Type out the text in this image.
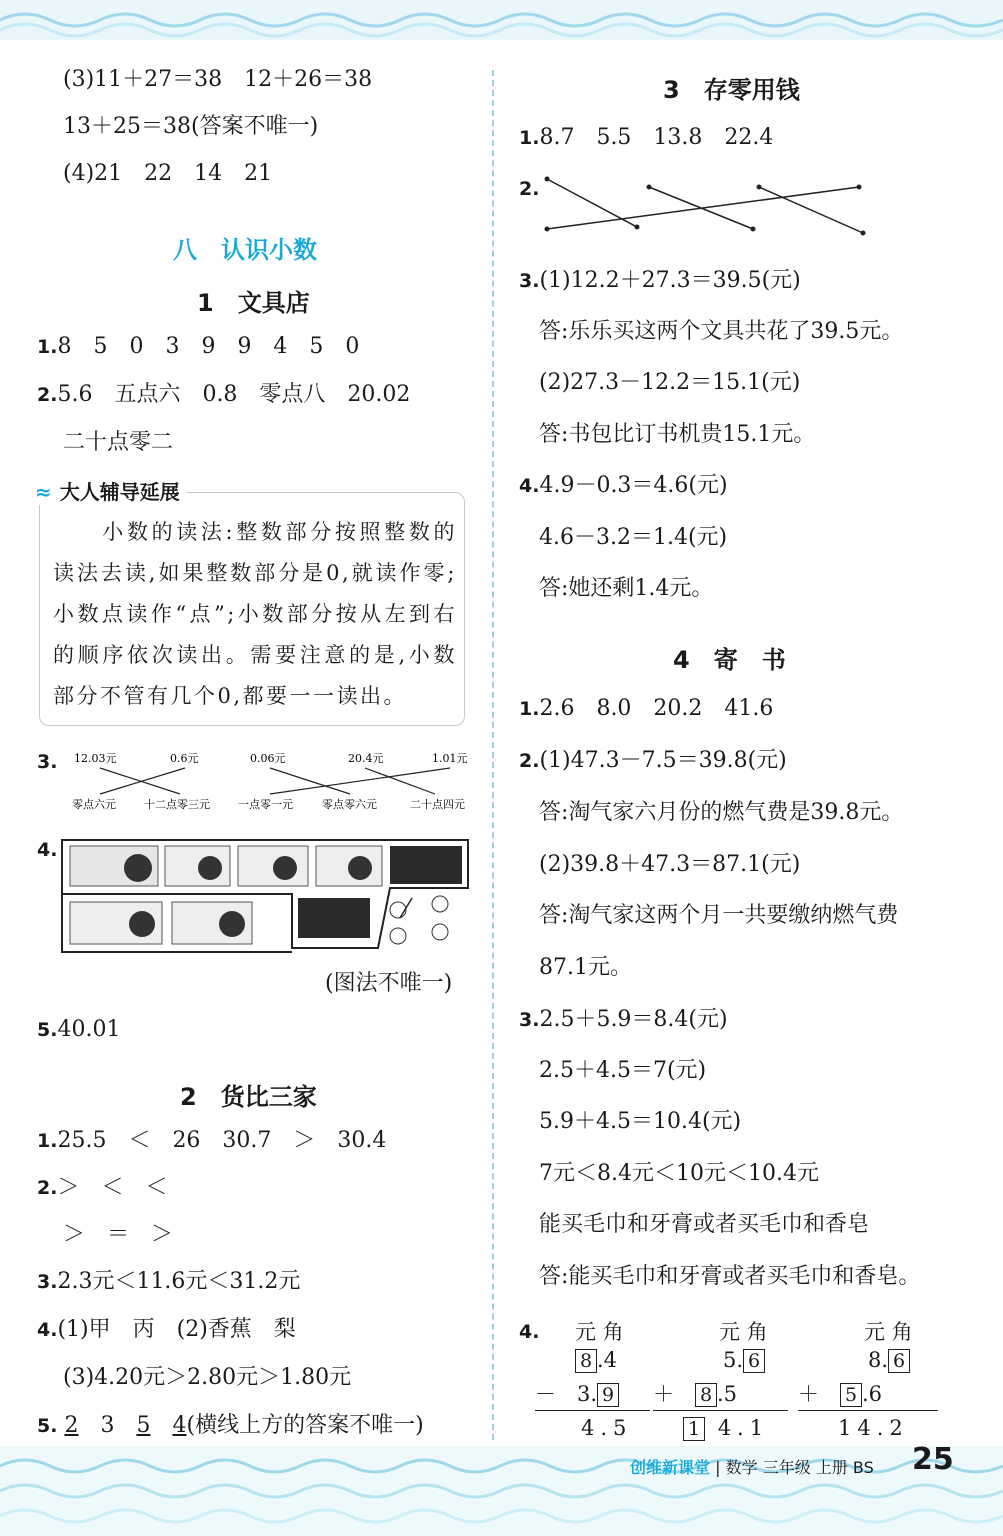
(3)11＋27＝38　12＋26＝38
13＋25＝38(答案不唯一)
(4)21　22　14　21
八　认识小数
1　文具店
1.8　5　0　3　9　9　4　5　0
2.5.6　五点六　0.8　零点八　20.02
二十点零二
≈ 大人辅导延展
　　小数的读法:整数部分按照整数的读法去读,如果整数部分是0,就读作零;小数点读作“点”;小数部分按从左到右的顺序依次读出。需要注意的是,小数部分不管有几个0,都要一一读出。
3. 12.03元	0.6元	0.06元	20.4元	1.01元
零点六元	十二点零三元	一点零一元	零点零六元	二十点四元
4.
(图法不唯一)
5.40.01
2　货比三家
1.25.5　＜　26　30.7　＞　30.4
2.＞　＜　＜
＞　＝　＞
3.2.3元＜11.6元＜31.2元
4.(1)甲　丙　(2)香蕉　梨
(3)4.20元＞2.80元＞1.80元
5. 2　 3　 5　 4(横线上方的答案不唯一)
3　存零用钱
1.8.7　5.5　13.8　22.4
2.
3.(1)12.2＋27.3＝39.5(元)
答:乐乐买这两个文具共花了39.5元。
(2)27.3－12.2＝15.1(元)
答:书包比订书机贵15.1元。
4.4.9－0.3＝4.6(元)
4.6－3.2＝1.4(元)
答:她还剩1.4元。
4　寄　书
1.2.6　8.0　20.2　41.6
2.(1)47.3－7.5＝39.8(元)
答:淘气家六月份的燃气费是39.8元。
(2)39.8＋47.3＝87.1(元)
答:淘气家这两个月一共要缴纳燃气费
87.1元。
3.2.5＋5.9＝8.4(元)
2.5＋4.5＝7(元)
5.9＋4.5＝10.4(元)
7元＜8.4元＜10元＜10.4元
能买毛巾和牙膏或者买毛巾和香皂
答:能买毛巾和牙膏或者买毛巾和香皂。
4. 元 角
8 .4
－　 3. 9
4.5
元 角
5. 6
＋　 8 .5
1 4.1
元 角
8. 6
＋　 5 .6
14.2
创维新课堂 | 数学 三年级 上册 BS 25
